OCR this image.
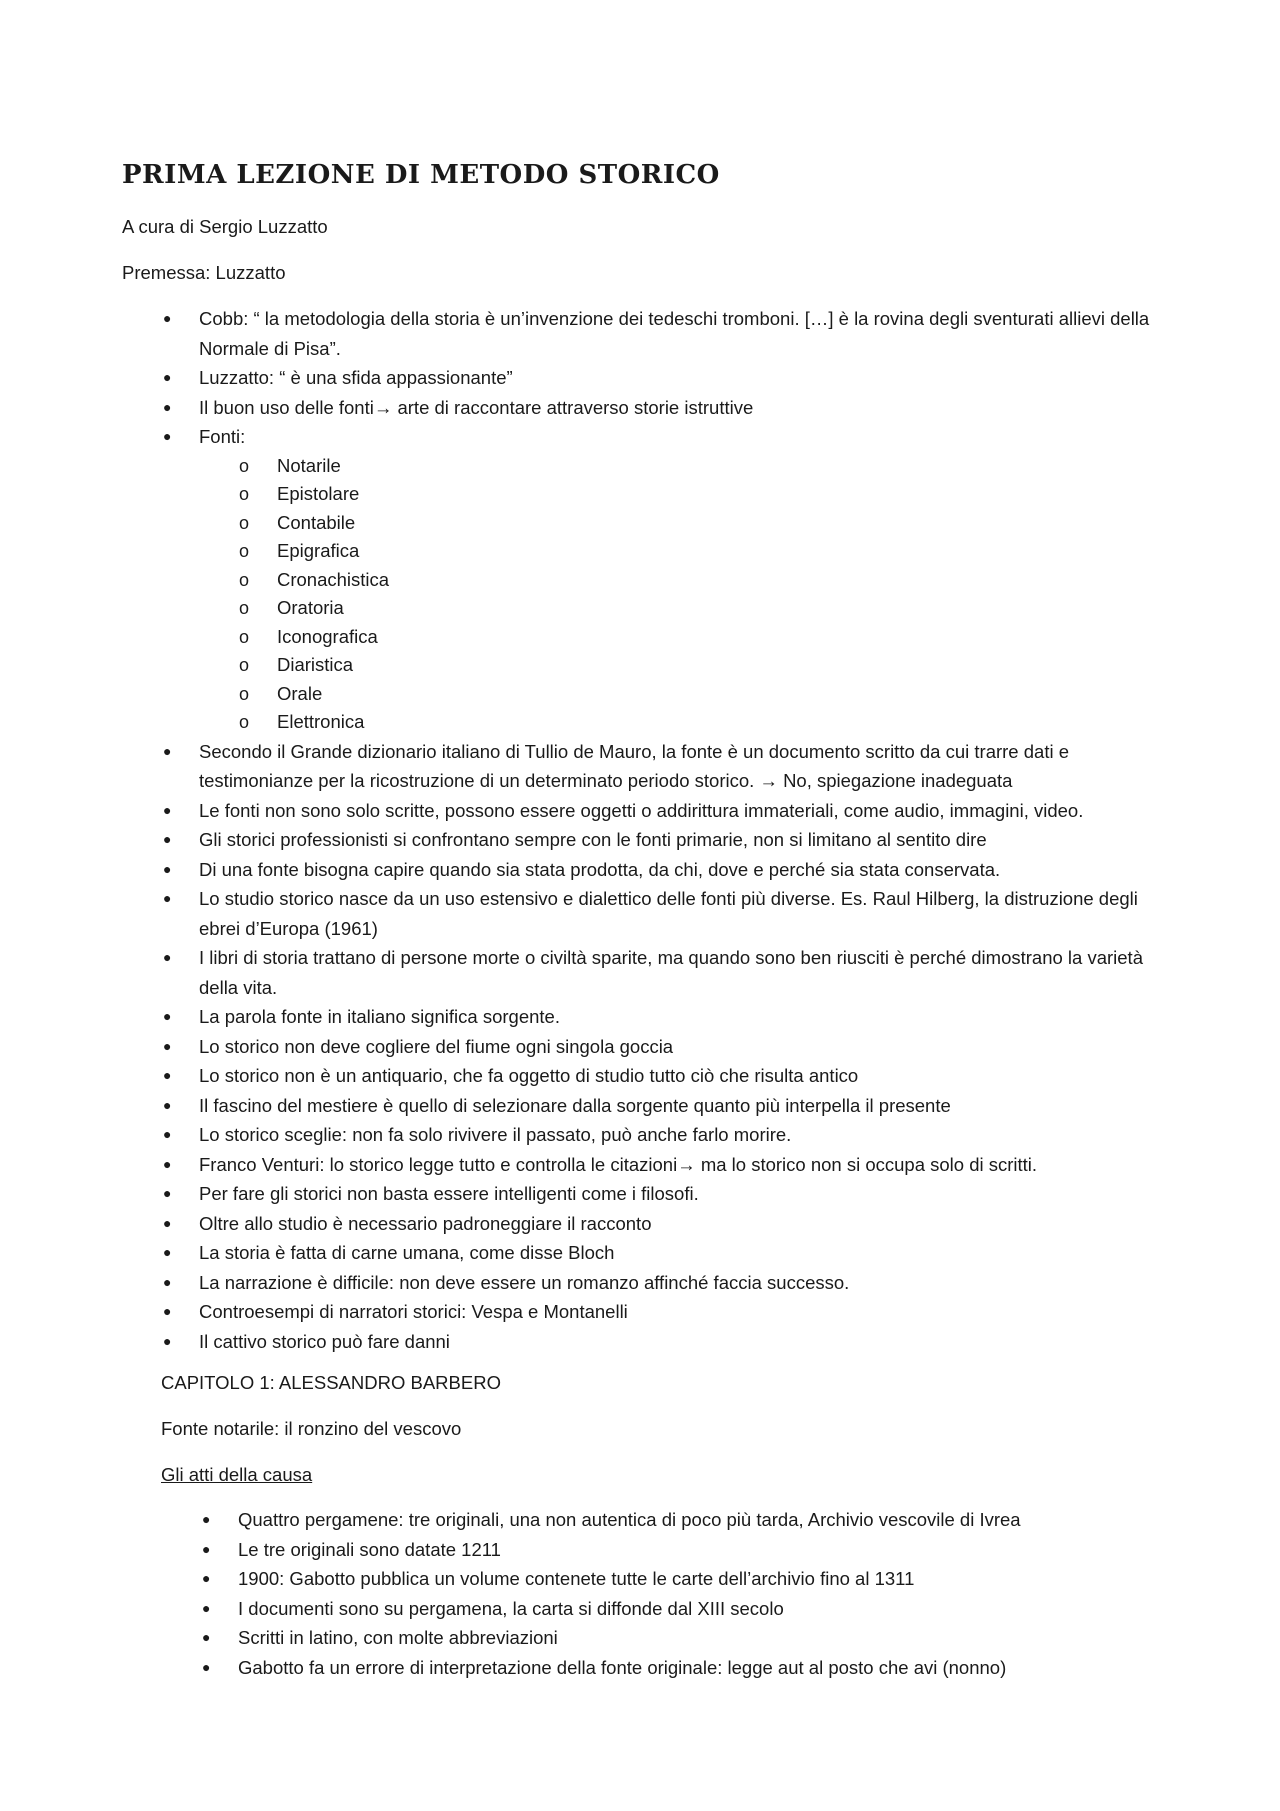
PRIMA LEZIONE DI METODO STORICO

A cura di Sergio Luzzatto

Premessa: Luzzatto

● Cobb: “ la metodologia della storia è un’invenzione dei tedeschi tromboni. […] è la rovina degli sventurati allievi della Normale di Pisa”.
● Luzzatto: “ è una sfida appassionante”
● Il buon uso delle fonti→ arte di raccontare attraverso storie istruttive
● Fonti:
o Notarile
o Epistolare
o Contabile
o Epigrafica
o Cronachistica
o Oratoria
o Iconografica
o Diaristica
o Orale
o Elettronica
● Secondo il Grande dizionario italiano di Tullio de Mauro, la fonte è un documento scritto da cui trarre dati e testimonianze per la ricostruzione di un determinato periodo storico. → No, spiegazione inadeguata
● Le fonti non sono solo scritte, possono essere oggetti o addirittura immateriali, come audio, immagini, video.
● Gli storici professionisti si confrontano sempre con le fonti primarie, non si limitano al sentito dire
● Di una fonte bisogna capire quando sia stata prodotta, da chi, dove e perché sia stata conservata.
● Lo studio storico nasce da un uso estensivo e dialettico delle fonti più diverse. Es. Raul Hilberg, la distruzione degli ebrei d’Europa (1961)
● I libri di storia trattano di persone morte o civiltà sparite, ma quando sono ben riusciti è perché dimostrano la varietà della vita.
● La parola fonte in italiano significa sorgente.
● Lo storico non deve cogliere del fiume ogni singola goccia
● Lo storico non è un antiquario, che fa oggetto di studio tutto ciò che risulta antico
● Il fascino del mestiere è quello di selezionare dalla sorgente quanto più interpella il presente
● Lo storico sceglie: non fa solo rivivere il passato, può anche farlo morire.
● Franco Venturi: lo storico legge tutto e controlla le citazioni→ ma lo storico non si occupa solo di scritti.
● Per fare gli storici non basta essere intelligenti come i filosofi.
● Oltre allo studio è necessario padroneggiare il racconto
● La storia è fatta di carne umana, come disse Bloch
● La narrazione è difficile: non deve essere un romanzo affinché faccia successo.
● Controesempi di narratori storici: Vespa e Montanelli
● Il cattivo storico può fare danni

CAPITOLO 1: ALESSANDRO BARBERO

Fonte notarile: il ronzino del vescovo

Gli atti della causa

● Quattro pergamene: tre originali, una non autentica di poco più tarda, Archivio vescovile di Ivrea
● Le tre originali sono datate 1211
● 1900: Gabotto pubblica un volume contenete tutte le carte dell’archivio fino al 1311
● I documenti sono su pergamena, la carta si diffonde dal XIII secolo
● Scritti in latino, con molte abbreviazioni
● Gabotto fa un errore di interpretazione della fonte originale: legge aut al posto che avi (nonno)
